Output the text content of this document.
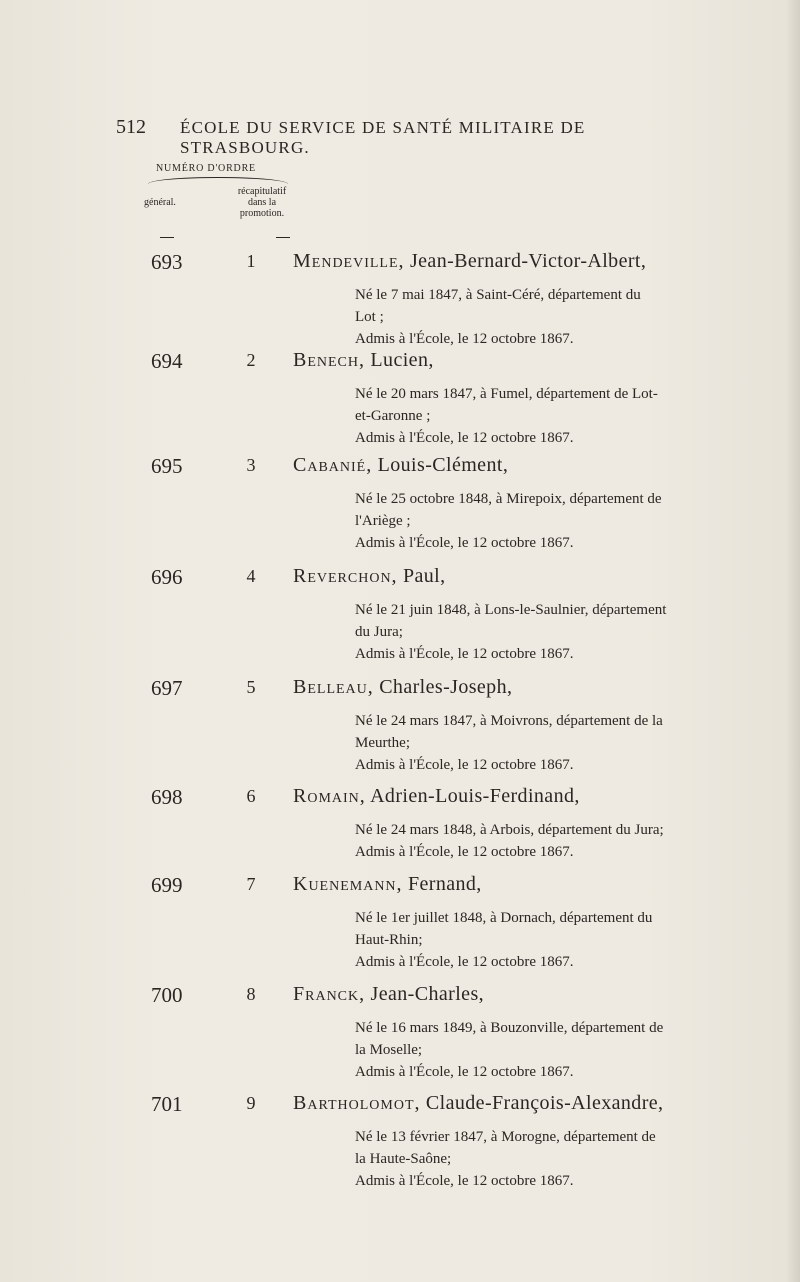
512 ÉCOLE DU SERVICE DE SANTÉ MILITAIRE DE STRASBOURG.
NUMÉRO D'ORDRE
général.
récapitulatif
dans la
promotion.
693	1	Mendeville, Jean-Bernard-Victor-Albert,
Né le 7 mai 1847, à Saint-Céré, département du
Lot ;
Admis à l'École, le 12 octobre 1867.
694	2	Benech, Lucien,
Né le 20 mars 1847, à Fumel, département de Lot-
et-Garonne ;
Admis à l'École, le 12 octobre 1867.
695	3	Cabanié, Louis-Clément,
Né le 25 octobre 1848, à Mirepoix, département de
l'Ariège ;
Admis à l'École, le 12 octobre 1867.
696	4	Reverchon, Paul,
Né le 21 juin 1848, à Lons-le-Saulnier, département
du Jura;
Admis à l'École, le 12 octobre 1867.
697	5	Belleau, Charles-Joseph,
Né le 24 mars 1847, à Moivrons, département de la
Meurthe;
Admis à l'École, le 12 octobre 1867.
698	6	Romain, Adrien-Louis-Ferdinand,
Né le 24 mars 1848, à Arbois, département du Jura;
Admis à l'École, le 12 octobre 1867.
699	7	Kuenemann, Fernand,
Né le 1er juillet 1848, à Dornach, département du
Haut-Rhin;
Admis à l'École, le 12 octobre 1867.
700	8	Franck, Jean-Charles,
Né le 16 mars 1849, à Bouzonville, département de
la Moselle;
Admis à l'École, le 12 octobre 1867.
701	9	Bartholomot, Claude-François-Alexandre,
Né le 13 février 1847, à Morogne, département de
la Haute-Saône;
Admis à l'École, le 12 octobre 1867.
